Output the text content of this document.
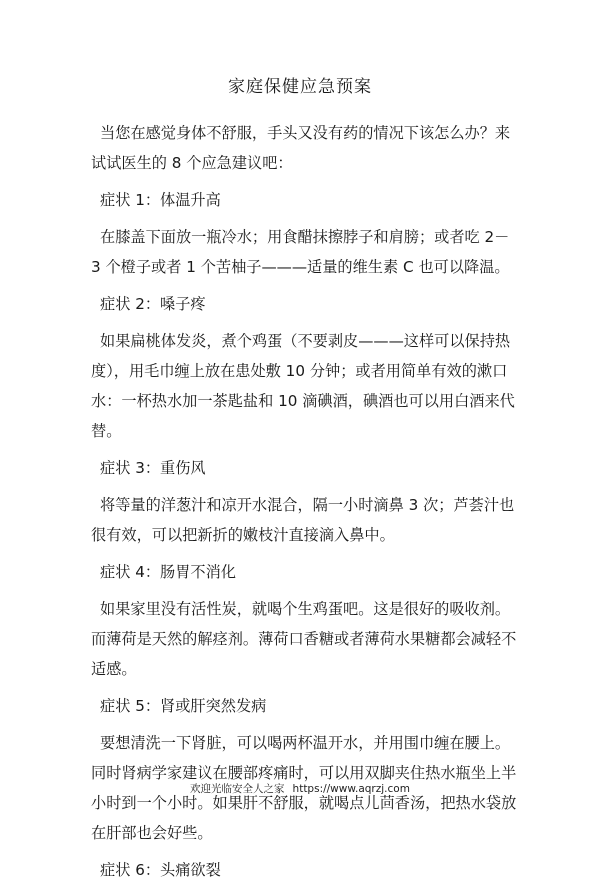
家庭保健应急预案

当您在感觉身体不舒服，手头又没有药的情况下该怎么办？来试试医生的 8 个应急建议吧：

症状 1：体温升高

在膝盖下面放一瓶冷水；用食醋抹擦脖子和肩膀；或者吃 2－3 个橙子或者 1 个苦柚子———适量的维生素 C 也可以降温。

症状 2：嗓子疼

如果扁桃体发炎，煮个鸡蛋（不要剥皮———这样可以保持热度），用毛巾缠上放在患处敷 10 分钟；或者用简单有效的漱口水：一杯热水加一茶匙盐和 10 滴碘酒，碘酒也可以用白酒来代替。

症状 3：重伤风

将等量的洋葱汁和凉开水混合，隔一小时滴鼻 3 次；芦荟汁也很有效，可以把新折的嫩枝汁直接滴入鼻中。

症状 4：肠胃不消化

如果家里没有活性炭，就喝个生鸡蛋吧。这是很好的吸收剂。而薄荷是天然的解痉剂。薄荷口香糖或者薄荷水果糖都会减轻不适感。

症状 5：肾或肝突然发病

要想清洗一下肾脏，可以喝两杯温开水，并用围巾缠在腰上。同时肾病学家建议在腰部疼痛时，可以用双脚夹住热水瓶坐上半小时到一个小时。如果肝不舒服，就喝点儿茴香汤，把热水袋放在肝部也会好些。

症状 6：头痛欲裂

欢迎光临安全人之家 https://www.aqrzj.com
